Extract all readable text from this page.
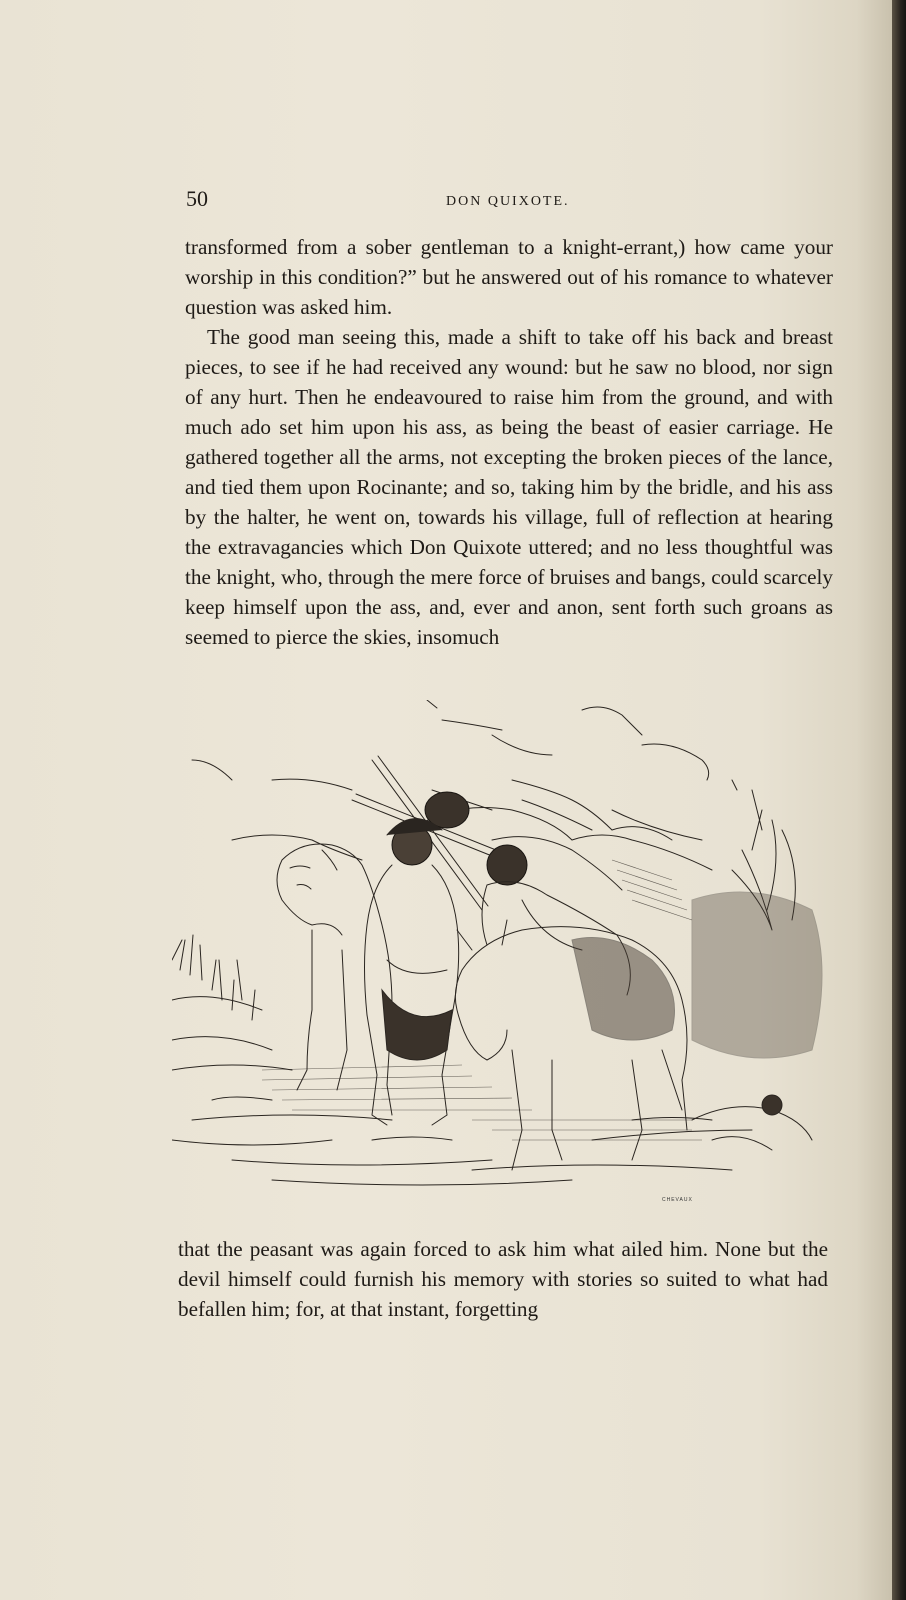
50	DON QUIXOTE.

transformed from a sober gentleman to a knight-errant,) how came your worship in this condition?” but he answered out of his romance to whatever question was asked him.

The good man seeing this, made a shift to take off his back and breast pieces, to see if he had received any wound: but he saw no blood, nor sign of any hurt. Then he endeavoured to raise him from the ground, and with much ado set him upon his ass, as being the beast of easier carriage. He gathered together all the arms, not excepting the broken pieces of the lance, and tied them upon Rocinante; and so, taking him by the bridle, and his ass by the halter, he went on, towards his village, full of reflection at hearing the extravagancies which Don Quixote uttered; and no less thoughtful was the knight, who, through the mere force of bruises and bangs, could scarcely keep himself upon the ass, and, ever and anon, sent forth such groans as seemed to pierce the skies, insomuch

CHEVAUX

that the peasant was again forced to ask him what ailed him. None but the devil himself could furnish his memory with stories so suited to what had befallen him; for, at that instant, forgetting
